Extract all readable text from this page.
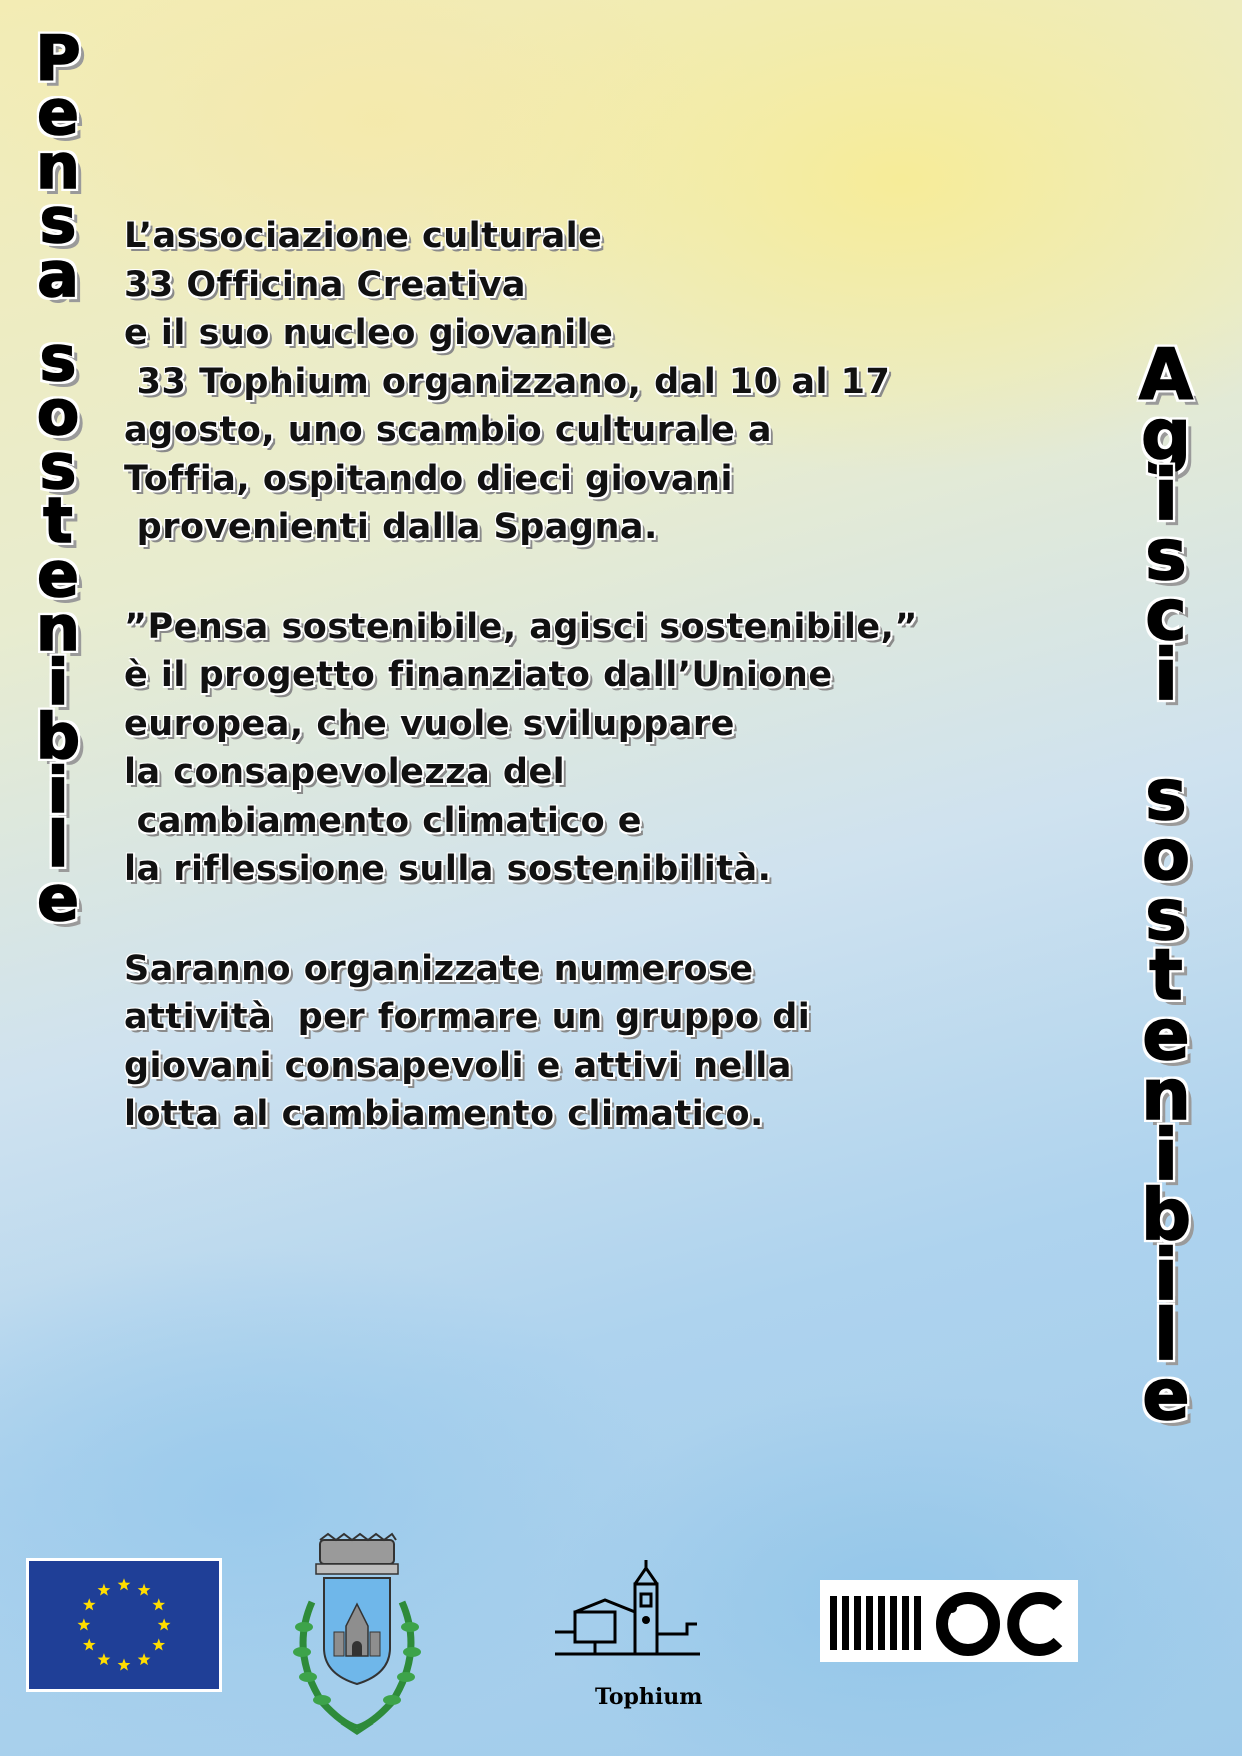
P
e
n
s
a
s
o
s
t
e
n
i
b
i
l
e
A
g
i
s
c
i
s
o
s
t
e
n
i
b
i
l
e

L’associazione culturale
33 Officina Creativa
e il suo nucleo giovanile
33 Tophium organizzano, dal 10 al 17
agosto, uno scambio culturale a
Toffia, ospitando dieci giovani
provenienti dalla Spagna.

”Pensa sostenibile, agisci sostenibile,”
è il progetto finanziato dall’Unione
europea, che vuole sviluppare
la consapevolezza del
cambiamento climatico e
la riflessione sulla sostenibilità.

Saranno organizzate numerose
attività  per formare un gruppo di
giovani consapevoli e attivi nella
lotta al cambiamento climatico.

Tophium
